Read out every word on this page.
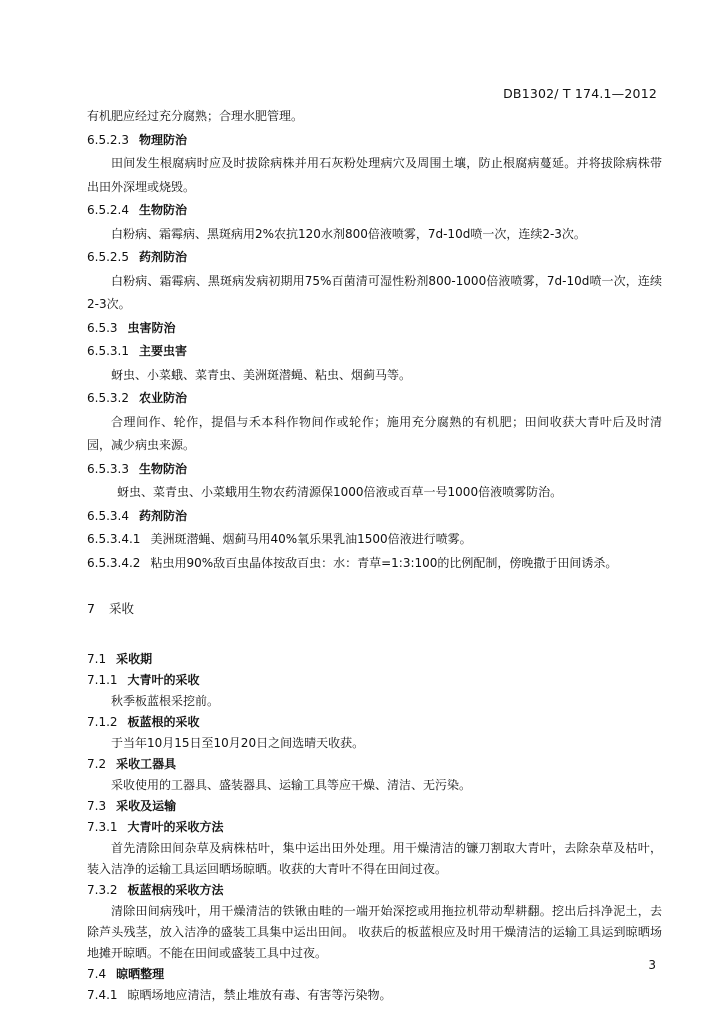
DB1302/ T 174.1—2012
有机肥应经过充分腐熟；合理水肥管理。
6.5.2.3 物理防治
田间发生根腐病时应及时拔除病株并用石灰粉处理病穴及周围土壤，防止根腐病蔓延。并将拔除病株带出田外深埋或烧毁。
6.5.2.4 生物防治
白粉病、霜霉病、黑斑病用2%农抗120水剂800倍液喷雾，7d-10d喷一次，连续2-3次。
6.5.2.5 药剂防治
白粉病、霜霉病、黑斑病发病初期用75%百菌清可湿性粉剂800-1000倍液喷雾，7d-10d喷一次，连续2-3次。
6.5.3 虫害防治
6.5.3.1 主要虫害
蚜虫、小菜蛾、菜青虫、美洲斑潜蝇、粘虫、烟蓟马等。
6.5.3.2 农业防治
合理间作、轮作，提倡与禾本科作物间作或轮作；施用充分腐熟的有机肥；田间收获大青叶后及时清园，减少病虫来源。
6.5.3.3 生物防治
蚜虫、菜青虫、小菜蛾用生物农药清源保1000倍液或百草一号1000倍液喷雾防治。
6.5.3.4 药剂防治
6.5.3.4.1 美洲斑潜蝇、烟蓟马用40%氧乐果乳油1500倍液进行喷雾。
6.5.3.4.2 粘虫用90%敌百虫晶体按敌百虫：水：青草=1:3:100的比例配制，傍晚撒于田间诱杀。
7 采收
7.1 采收期
7.1.1 大青叶的采收
秋季板蓝根采挖前。
7.1.2 板蓝根的采收
于当年10月15日至10月20日之间选晴天收获。
7.2 采收工器具
采收使用的工器具、盛装器具、运输工具等应干燥、清洁、无污染。
7.3 采收及运输
7.3.1 大青叶的采收方法
首先清除田间杂草及病株枯叶，集中运出田外处理。用干燥清洁的镰刀割取大青叶，去除杂草及枯叶，装入洁净的运输工具运回晒场晾晒。收获的大青叶不得在田间过夜。
7.3.2 板蓝根的采收方法
清除田间病残叶，用干燥清洁的铁锹由畦的一端开始深挖或用拖拉机带动犁耕翻。挖出后抖净泥土，去除芦头残茎，放入洁净的盛装工具集中运出田间。 收获后的板蓝根应及时用干燥清洁的运输工具运到晾晒场地摊开晾晒。不能在田间或盛装工具中过夜。
7.4 晾晒整理
7.4.1 晾晒场地应清洁，禁止堆放有毒、有害等污染物。
3
